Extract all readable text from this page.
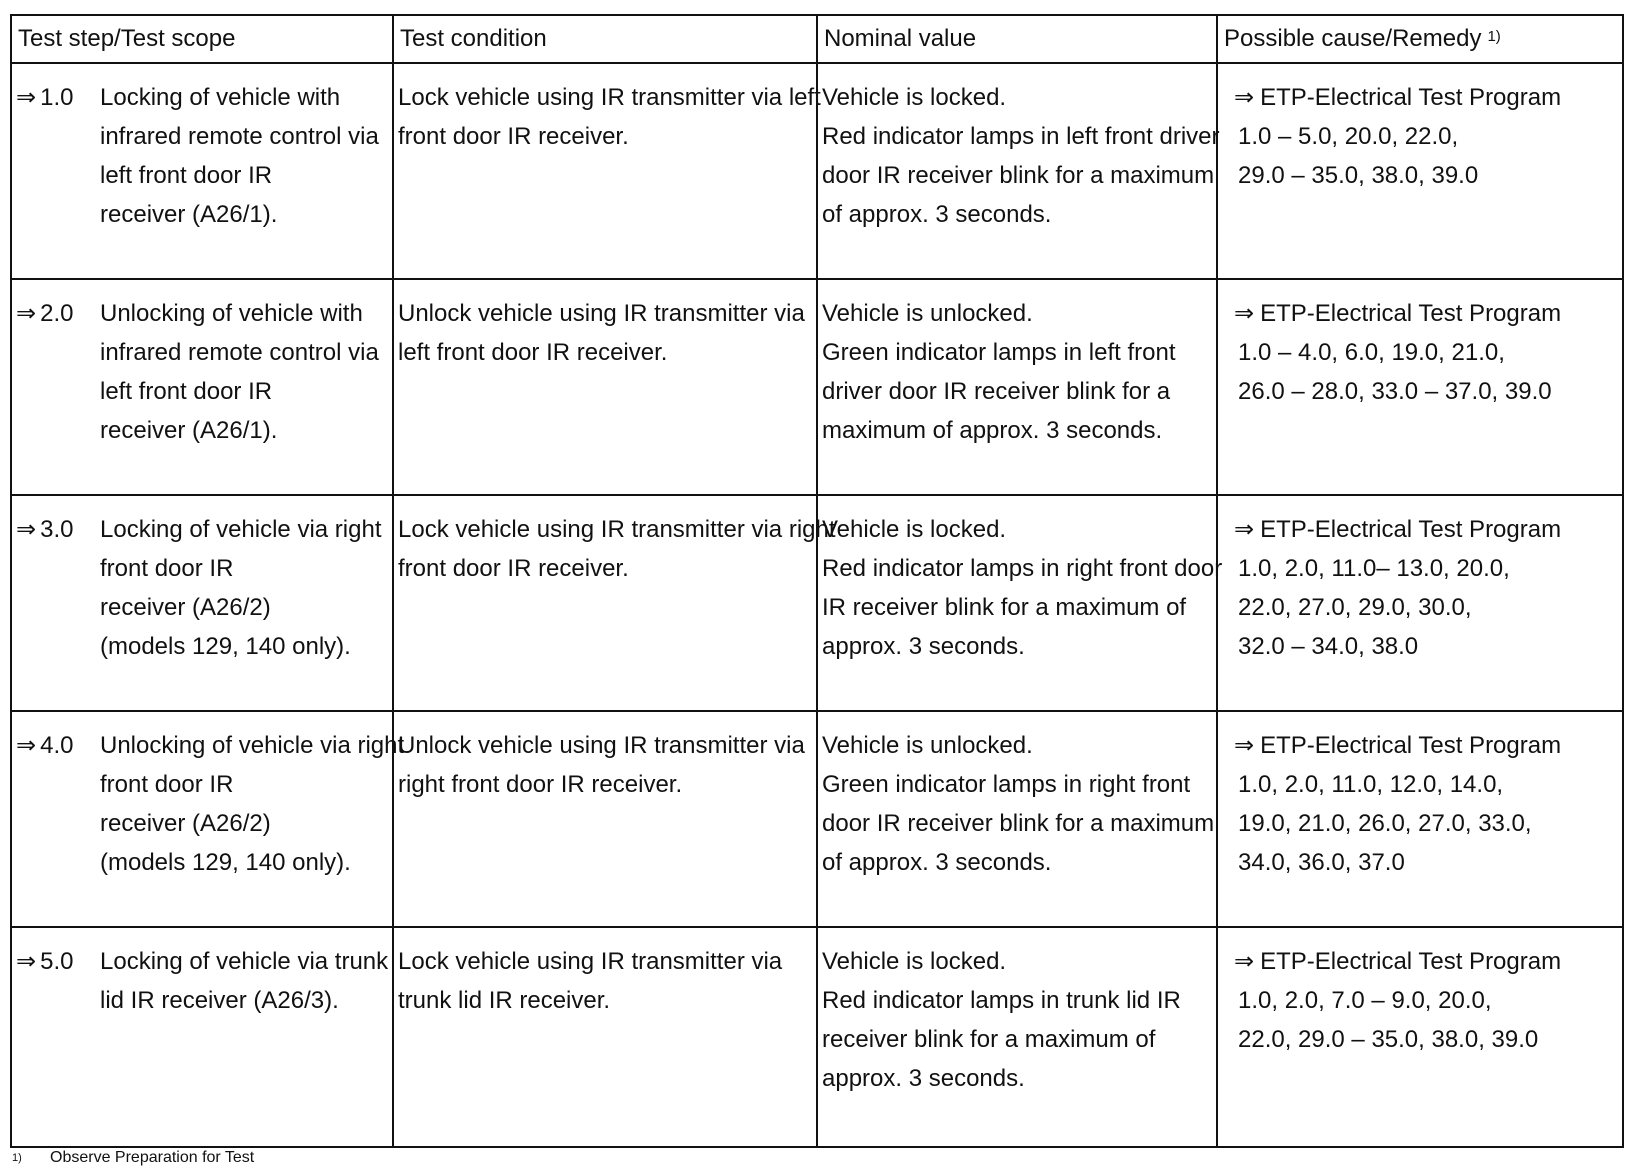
Test step/Test scope	Test condition	Nominal value	Possible cause/Remedy $^{1)}$

⇒ 1.0 Locking of vehicle with
infrared remote control via
left front door IR
receiver (A26/1).	Lock vehicle using IR transmitter via left
front door IR receiver.	Vehicle is locked.
Red indicator lamps in left front driver
door IR receiver blink for a maximum
of approx. 3 seconds.	⇒ ETP-Electrical Test Program
1.0 – 5.0, 20.0, 22.0,
29.0 – 35.0, 38.0, 39.0

⇒ 2.0 Unlocking of vehicle with
infrared remote control via
left front door IR
receiver (A26/1).	Unlock vehicle using IR transmitter via
left front door IR receiver.	Vehicle is unlocked.
Green indicator lamps in left front
driver door IR receiver blink for a
maximum of approx. 3 seconds.	⇒ ETP-Electrical Test Program
1.0 – 4.0, 6.0, 19.0, 21.0,
26.0 – 28.0, 33.0 – 37.0, 39.0

⇒ 3.0 Locking of vehicle via right
front door IR
receiver (A26/2)
(models 129, 140 only).	Lock vehicle using IR transmitter via right
front door IR receiver.	Vehicle is locked.
Red indicator lamps in right front door
IR receiver blink for a maximum of
approx. 3 seconds.	⇒ ETP-Electrical Test Program
1.0, 2.0, 11.0– 13.0, 20.0,
22.0, 27.0, 29.0, 30.0,
32.0 – 34.0, 38.0

⇒ 4.0 Unlocking of vehicle via right
front door IR
receiver (A26/2)
(models 129, 140 only).	Unlock vehicle using IR transmitter via
right front door IR receiver.	Vehicle is unlocked.
Green indicator lamps in right front
door IR receiver blink for a maximum
of approx. 3 seconds.	⇒ ETP-Electrical Test Program
1.0, 2.0, 11.0, 12.0, 14.0,
19.0, 21.0, 26.0, 27.0, 33.0,
34.0, 36.0, 37.0

⇒ 5.0 Locking of vehicle via trunk
lid IR receiver (A26/3).	Lock vehicle using IR transmitter via
trunk lid IR receiver.	Vehicle is locked.
Red indicator lamps in trunk lid IR
receiver blink for a maximum of
approx. 3 seconds.	⇒ ETP-Electrical Test Program
1.0, 2.0, 7.0 – 9.0, 20.0,
22.0, 29.0 – 35.0, 38.0, 39.0
1) Observe Preparation for Test
